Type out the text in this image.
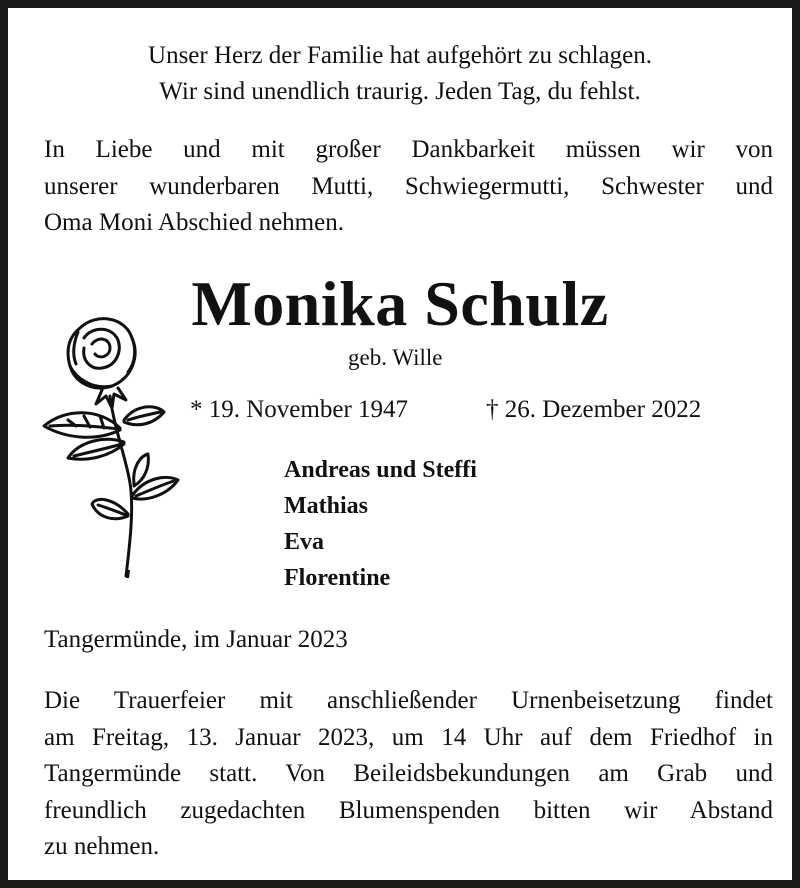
Unser Herz der Familie hat aufgehört zu schlagen.
Wir sind unendlich traurig. Jeden Tag, du fehlst.
In Liebe und mit großer Dankbarkeit müssen wir von
unserer wunderbaren Mutti, Schwiegermutti, Schwester und
Oma Moni Abschied nehmen.
Monika Schulz
geb. Wille
* 19. November 1947	† 26. Dezember 2022
Andreas und Steffi
Mathias
Eva
Florentine
Tangermünde, im Januar 2023
Die Trauerfeier mit anschließender Urnenbeisetzung findet
am Freitag, 13. Januar 2023, um 14 Uhr auf dem Friedhof in
Tangermünde statt. Von Beileidsbekundungen am Grab und
freundlich zugedachten Blumenspenden bitten wir Abstand
zu nehmen.
